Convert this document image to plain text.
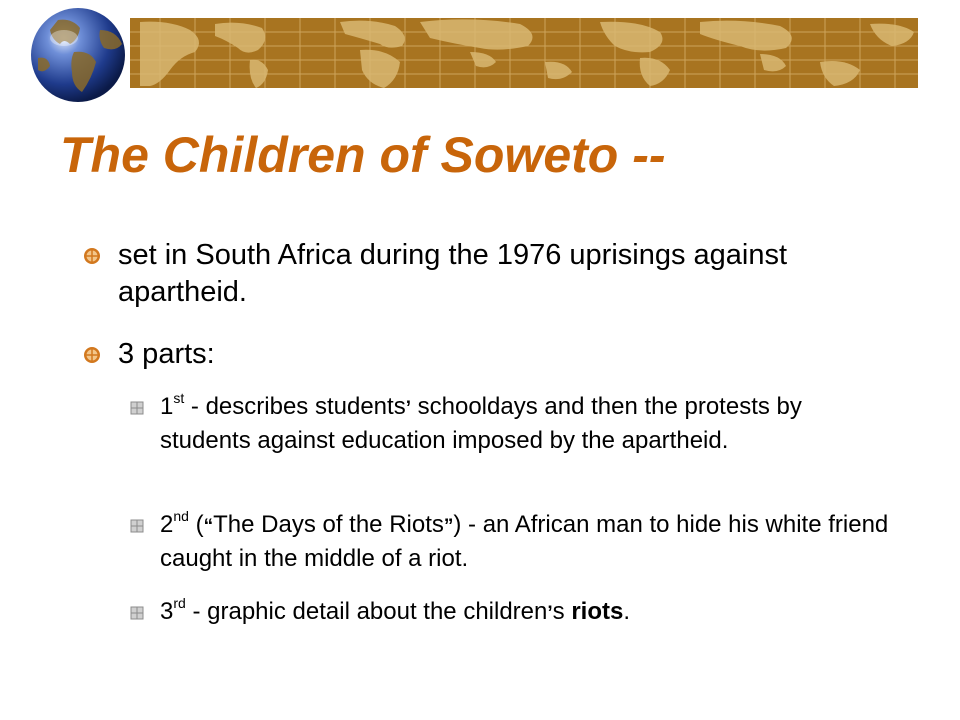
The Children of Soweto --
set in South Africa during the 1976 uprisings against apartheid.
3 parts:
1st - describes students’ schooldays and then the protests by students against education imposed by the apartheid.
2nd (“The Days of the Riots”) - an African man to hide his white friend caught in the middle of a riot.
3rd - graphic detail about the children’s riots.
